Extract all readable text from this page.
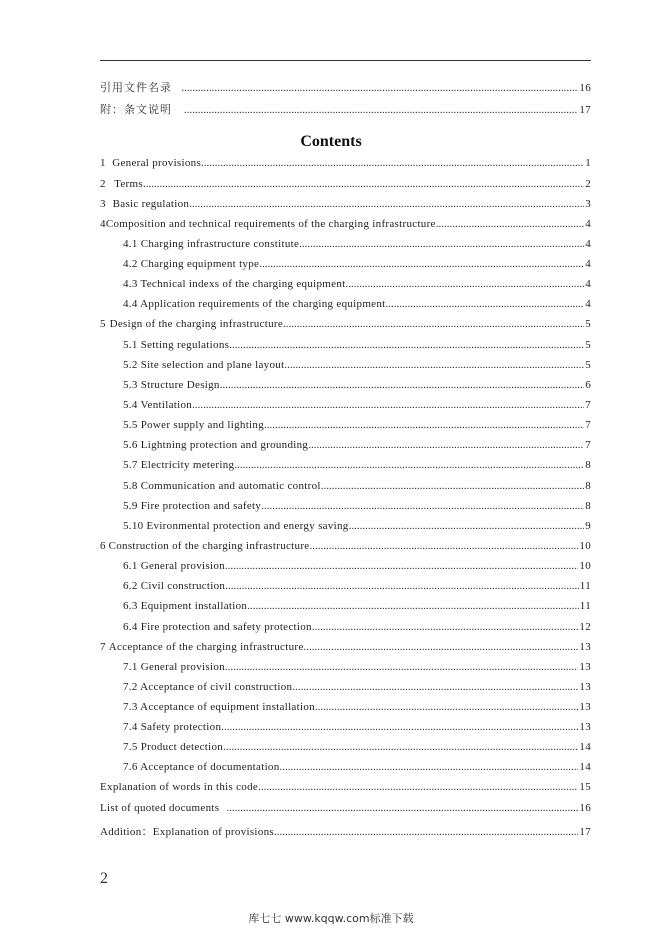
引用文件名录 .....	16
附：条文说明 .....	17
Contents
1 General provisions .....	1
2 Terms .....	2
3 Basic regulation .....	3
4 Composition and technical requirements of the charging infrastructure .....	4
4.1 Charging infrastructure constitute .....	4
4.2 Charging equipment type .....	4
4.3 Technical indexs of the charging equipment .....	4
4.4 Application requirements of the charging equipment .....	4
5 Design of the charging infrastructure .....	5
5.1 Setting regulations .....	5
5.2 Site selection and plane layout .....	5
5.3 Structure Design .....	6
5.4 Ventilation .....	7
5.5 Power supply and lighting .....	7
5.6 Lightning protection and grounding .....	7
5.7 Electricity metering .....	8
5.8 Communication and automatic control .....	8
5.9 Fire protection and safety .....	8
5.10 Evironmental protection and energy saving .....	9
6 Construction of the charging infrastructure .....	10
6.1 General provision .....	10
6.2 Civil construction .....	11
6.3 Equipment installation .....	11
6.4 Fire protection and safety protection .....	12
7 Acceptance of the charging infrastructure .....	13
7.1 General provision .....	13
7.2 Acceptance of civil construction .....	13
7.3 Acceptance of equipment installation .....	13
7.4 Safety protection .....	13
7.5 Product detection .....	14
7.6 Acceptance of documentation .....	14
Explanation of words in this code .....	15
List of quoted documents .....	16
Addition：Explanation of provisions .....	17
2
库七七 www.kqqw.com标准下载
